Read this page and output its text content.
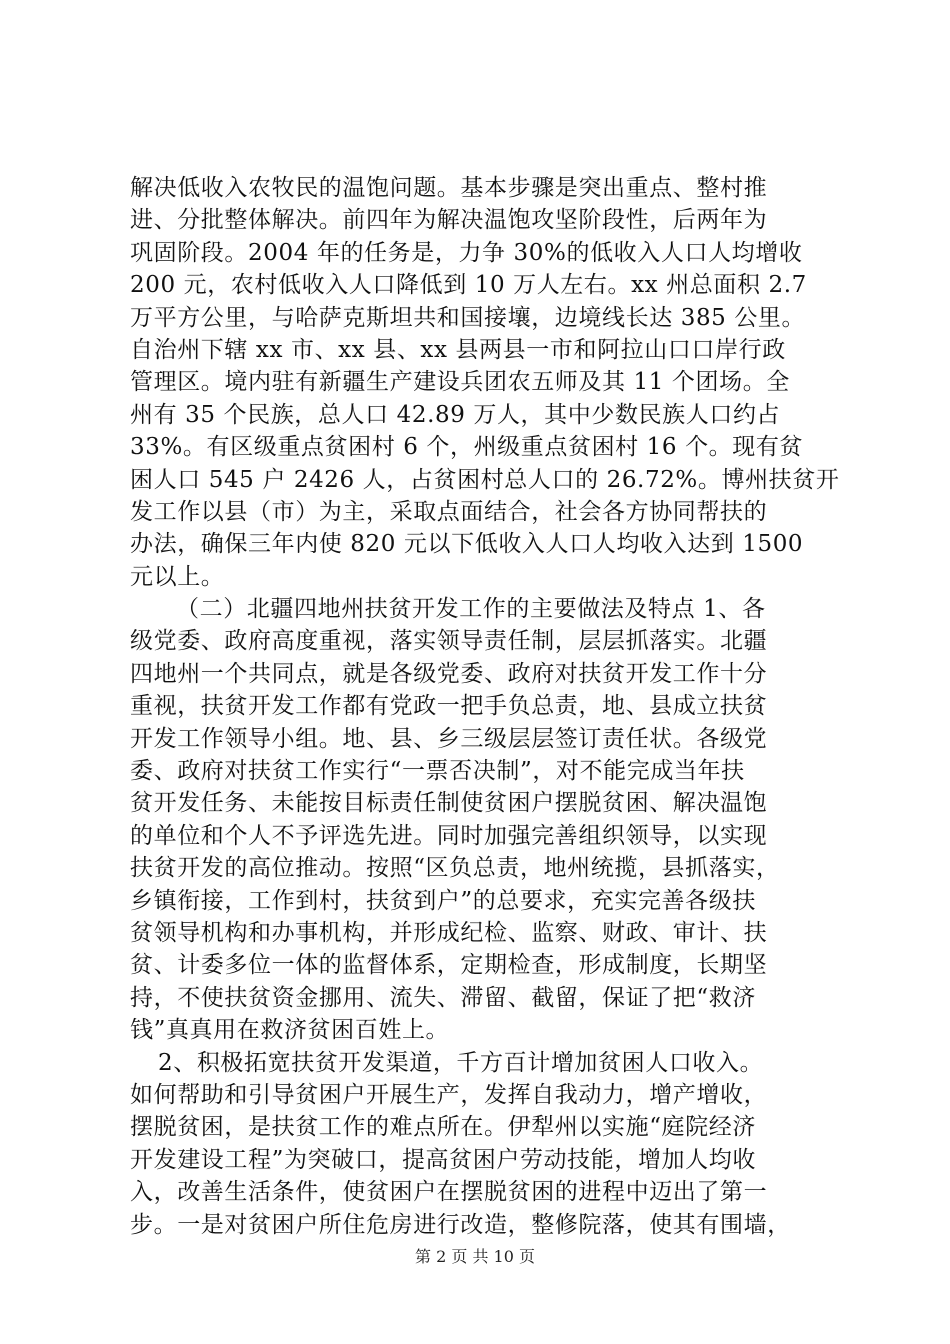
解决低收入农牧民的温饱问题。基本步骤是突出重点、整村推
进、分批整体解决。前四年为解决温饱攻坚阶段性，后两年为
巩固阶段。2004 年的任务是，力争 30%的低收入人口人均增收
200 元，农村低收入人口降低到 10 万人左右。xx 州总面积 2.7
万平方公里，与哈萨克斯坦共和国接壤，边境线长达 385 公里。
自治州下辖 xx 市、xx 县、xx 县两县一市和阿拉山口口岸行政
管理区。境内驻有新疆生产建设兵团农五师及其 11 个团场。全
州有 35 个民族，总人口 42.89 万人，其中少数民族人口约占
33%。有区级重点贫困村 6 个，州级重点贫困村 16 个。现有贫
困人口 545 户 2426 人，占贫困村总人口的 26.72%。博州扶贫开
发工作以县（市）为主，采取点面结合，社会各方协同帮扶的
办法，确保三年内使 820 元以下低收入人口人均收入达到 1500
元以上。
（二）北疆四地州扶贫开发工作的主要做法及特点 1、各
级党委、政府高度重视，落实领导责任制，层层抓落实。北疆
四地州一个共同点，就是各级党委、政府对扶贫开发工作十分
重视，扶贫开发工作都有党政一把手负总责，地、县成立扶贫
开发工作领导小组。地、县、乡三级层层签订责任状。各级党
委、政府对扶贫工作实行“一票否决制”，对不能完成当年扶
贫开发任务、未能按目标责任制使贫困户摆脱贫困、解决温饱
的单位和个人不予评选先进。同时加强完善组织领导，以实现
扶贫开发的高位推动。按照“区负总责，地州统揽，县抓落实，
乡镇衔接，工作到村，扶贫到户”的总要求，充实完善各级扶
贫领导机构和办事机构，并形成纪检、监察、财政、审计、扶
贫、计委多位一体的监督体系，定期检查，形成制度，长期坚
持，不使扶贫资金挪用、流失、滞留、截留，保证了把“救济
钱”真真用在救济贫困百姓上。
2、积极拓宽扶贫开发渠道，千方百计增加贫困人口收入。
如何帮助和引导贫困户开展生产，发挥自我动力，增产增收，
摆脱贫困，是扶贫工作的难点所在。伊犁州以实施“庭院经济
开发建设工程”为突破口，提高贫困户劳动技能，增加人均收
入，改善生活条件，使贫困户在摆脱贫困的进程中迈出了第一
步。一是对贫困户所住危房进行改造，整修院落，使其有围墙，
第 2 页 共 10 页
